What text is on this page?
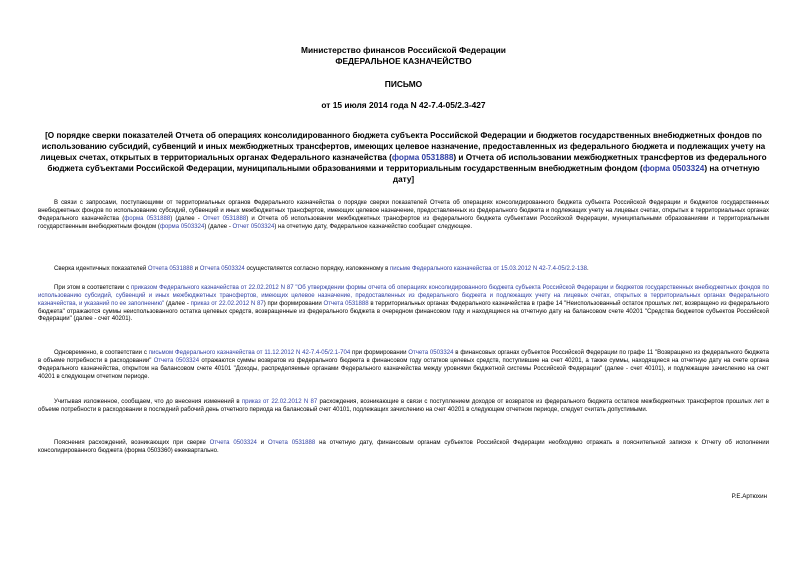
Министерство финансов Российской Федерации
ФЕДЕРАЛЬНОЕ КАЗНАЧЕЙСТВО
ПИСЬМО
от 15 июля 2014 года N 42-7.4-05/2.3-427
[О порядке сверки показателей Отчета об операциях консолидированного бюджета субъекта Российской Федерации и бюджетов государственных внебюджетных фондов по использованию субсидий, субвенций и иных межбюджетных трансфертов, имеющих целевое назначение, предоставленных из федерального бюджета и подлежащих учету на лицевых счетах, открытых в территориальных органах Федерального казначейства (форма 0531888) и Отчета об использовании межбюджетных трансфертов из федерального бюджета субъектами Российской Федерации, муниципальными образованиями и территориальным государственным внебюджетным фондом (форма 0503324) на отчетную дату]

В связи с запросами, поступающими от территориальных органов Федерального казначейства о порядке сверки показателей Отчета об операциях консолидированного бюджета субъекта Российской Федерации и бюджетов государственных внебюджетных фондов по использованию субсидий, субвенций и иных межбюджетных трансфертов, имеющих целевое назначение, предоставленных из федерального бюджета и подлежащих учету на лицевых счетах, открытых в территориальных органах Федерального казначейства (форма 0531888) (далее - Отчет 0531888) и Отчета об использовании межбюджетных трансфертов из федерального бюджета субъектами Российской Федерации, муниципальными образованиями и территориальным государственным внебюджетным фондом (форма 0503324) (далее - Отчет 0503324) на отчетную дату, Федеральное казначейство сообщает следующее.

Сверка идентичных показателей Отчета 0531888 и Отчета 0503324 осуществляется согласно порядку, изложенному в письме Федерального казначейства от 15.03.2012 N 42-7.4-05/2.2-138.

При этом в соответствии с приказом Федерального казначейства от 22.02.2012 N 87 "Об утверждении формы отчета об операциях консолидированного бюджета субъекта Российской Федерации и бюджетов государственных внебюджетных фондов по использованию субсидий, субвенций и иных межбюджетных трансфертов, имеющих целевое назначение, предоставленных из федерального бюджета и подлежащих учету на лицевых счетах, открытых в территориальных органах Федерального казначейства, и указаний по ее заполнению" (далее - приказ от 22.02.2012 N 87) при формировании Отчета 0531888 в территориальных органах Федерального казначейства в графе 14 "Неиспользованный остаток прошлых лет, возвращено из федерального бюджета" отражаются суммы неиспользованного остатка целевых средств, возвращенные из федерального бюджета в очередном финансовом году и находящиеся на отчетную дату на балансовом счете 40201 "Средства бюджетов субъектов Российской Федерации" (далее - счет 40201).

Одновременно, в соответствии с письмом Федерального казначейства от 11.12.2012 N 42-7.4-05/2.1-704 при формировании Отчета 0503324 в финансовых органах субъектов Российской Федерации по графе 11 "Возвращено из федерального бюджета в объеме потребности в расходовании" Отчета 0503324 отражаются суммы возвратов из федерального бюджета в финансовом году остатков целевых средств, поступившие на счет 40201, а также суммы, находящиеся на отчетную дату на счете органа Федерального казначейства, открытом на балансовом счете 40101 "Доходы, распределяемые органами Федерального казначейства между уровнями бюджетной системы Российской Федерации" (далее - счет 40101), и подлежащие зачислению на счет 40201 в следующем отчетном периоде.

Учитывая изложенное, сообщаем, что до внесения изменений в приказ от 22.02.2012 N 87 расхождения, возникающие в связи с поступлением доходов от возвратов из федерального бюджета остатков межбюджетных трансфертов прошлых лет в объеме потребности в расходовании в последний рабочий день отчетного периода на балансовый счет 40101, подлежащих зачислению на счет 40201 в следующем отчетном периоде, следует считать допустимыми.

Пояснения расхождений, возникающих при сверке Отчета 0503324 и Отчета 0531888 на отчетную дату, финансовым органам субъектов Российской Федерации необходимо отражать в пояснительной записке к Отчету об исполнении консолидированного бюджета (форма 0503360) ежеквартально.

Р.Е.Артюхин
